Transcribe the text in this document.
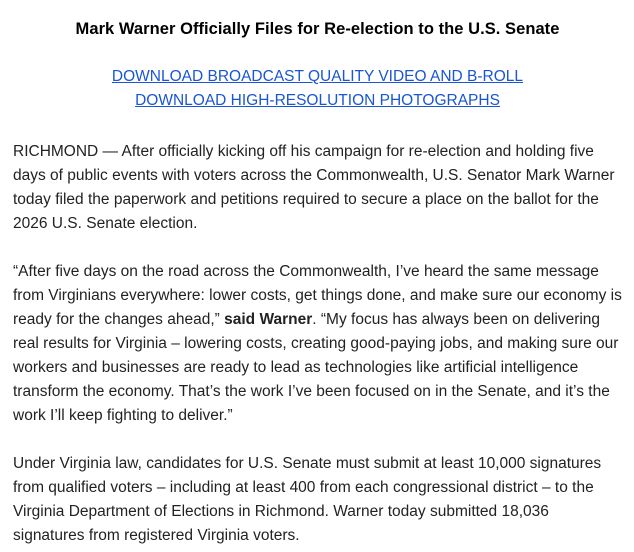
Mark Warner Officially Files for Re-election to the U.S. Senate
DOWNLOAD BROADCAST QUALITY VIDEO AND B-ROLL
DOWNLOAD HIGH-RESOLUTION PHOTOGRAPHS

RICHMOND — After officially kicking off his campaign for re-election and holding five days of public events with voters across the Commonwealth, U.S. Senator Mark Warner today filed the paperwork and petitions required to secure a place on the ballot for the 2026 U.S. Senate election.

“After five days on the road across the Commonwealth, I’ve heard the same message from Virginians everywhere: lower costs, get things done, and make sure our economy is ready for the changes ahead,” said Warner. “My focus has always been on delivering real results for Virginia – lowering costs, creating good-paying jobs, and making sure our workers and businesses are ready to lead as technologies like artificial intelligence transform the economy. That’s the work I’ve been focused on in the Senate, and it’s the work I’ll keep fighting to deliver.”

Under Virginia law, candidates for U.S. Senate must submit at least 10,000 signatures from qualified voters – including at least 400 from each congressional district – to the Virginia Department of Elections in Richmond. Warner today submitted 18,036 signatures from registered Virginia voters.
